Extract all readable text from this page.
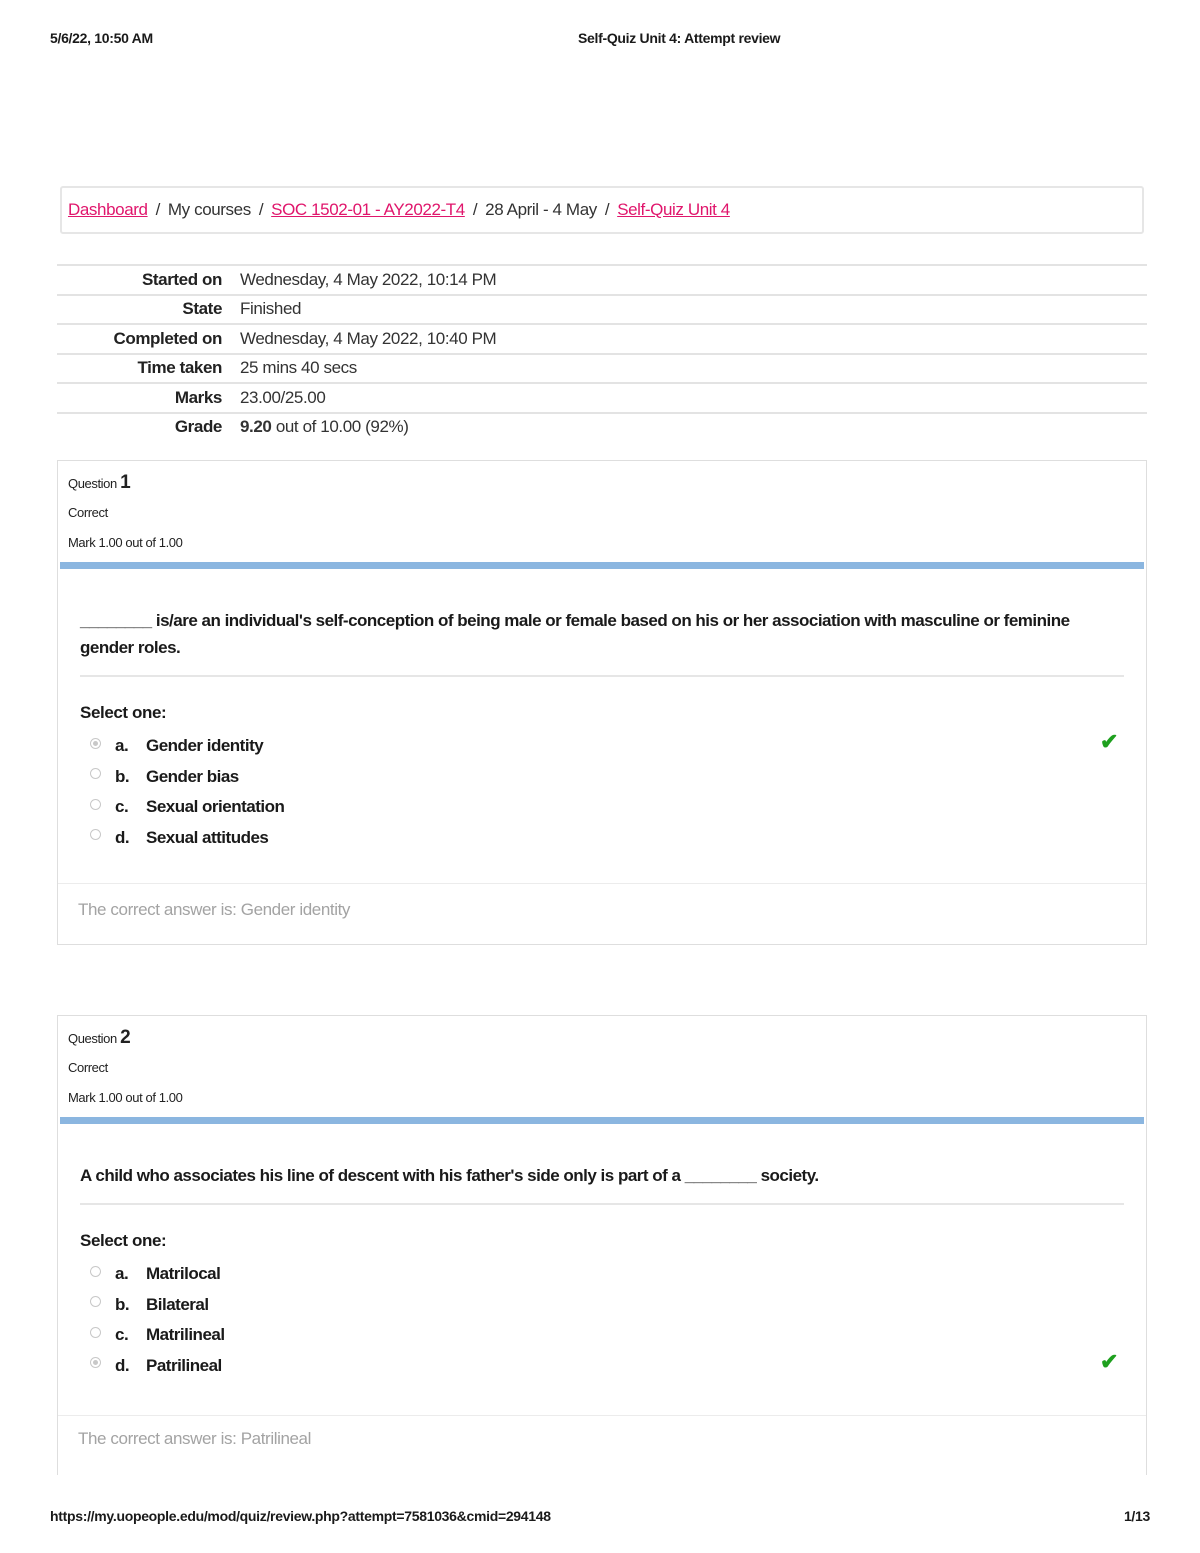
5/6/22, 10:50 AM	Self-Quiz Unit 4: Attempt review
Dashboard / My courses / SOC 1502-01 - AY2022-T4 / 28 April - 4 May / Self-Quiz Unit 4
Started on	Wednesday, 4 May 2022, 10:14 PM
State	Finished
Completed on	Wednesday, 4 May 2022, 10:40 PM
Time taken	25 mins 40 secs
Marks	23.00/25.00
Grade	9.20 out of 10.00 (92%)
Question 1
Correct
Mark 1.00 out of 1.00
________ is/are an individual's self-conception of being male or female based on his or her association with masculine or feminine gender roles.
Select one:
a.	Gender identity	✔
b. Gender bias
c.	Sexual orientation
d. Sexual attitudes
The correct answer is: Gender identity
Question 2
Correct
Mark 1.00 out of 1.00
A child who associates his line of descent with his father's side only is part of a ________ society.
Select one:
a.	Matrilocal
b. Bilateral
c.	Matrilineal
d. Patrilineal	✔
The correct answer is: Patrilineal
https://my.uopeople.edu/mod/quiz/review.php?attempt=7581036&cmid=294148	1/13
